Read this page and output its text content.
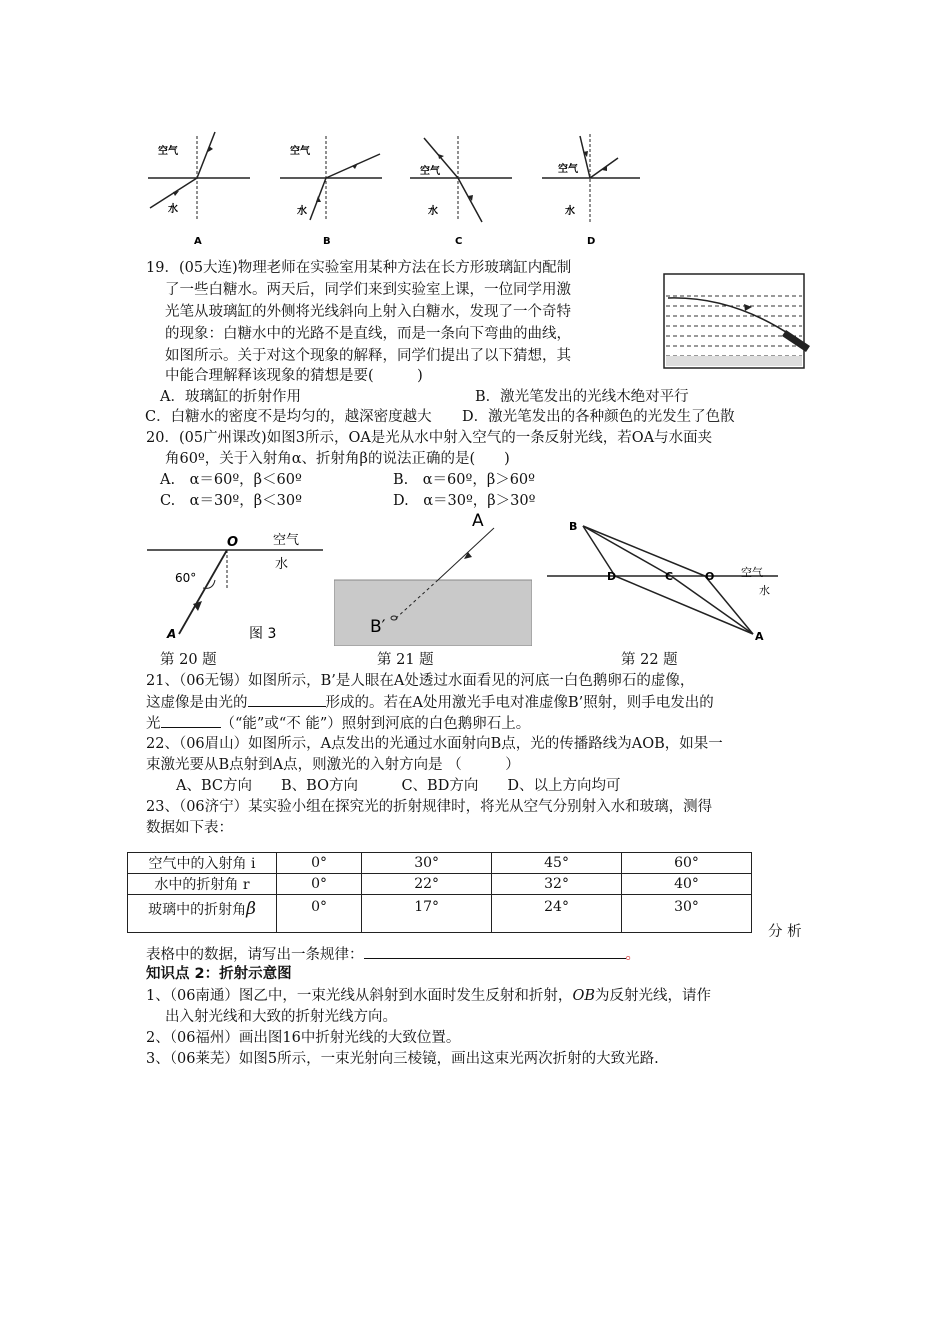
空气
水
A
空气
水
B
空气
水
C
空气
水
D
19．(05大连)物理老师在实验室用某种方法在长方形玻璃缸内配制
了一些白糖水。两天后，同学们来到实验室上课，一位同学用激
光笔从玻璃缸的外侧将光线斜向上射入白糖水，发现了一个奇特
的现象：白糖水中的光路不是直线，而是一条向下弯曲的曲线，
如图所示。关于对这个现象的解释，同学们提出了以下猜想，其
中能合理解释该现象的猜想是要(　　　)
A．玻璃缸的折射作用	B．激光笔发出的光线木绝对平行
C．白糖水的密度不是均匀的，越深密度越大 D．激光笔发出的各种颜色的光发生了色散
20．(05广州课改)如图3所示，OA是光从水中射入空气的一条反射光线，若OA与水面夹
角60º，关于入射角α、折射角β的说法正确的是(　　)
A.　α＝60º，β＜60º	B.　α＝60º，β＞60º
C.　α＝30º，β＜30º	D.　α＝30º，β＞30º
O	空气
水
60°
A	图 3
A
B′
B
D	C	O 空气
水
A
第 20 题	第 21 题	第 22 题
21、（06无锡）如图所示，B’是人眼在A处透过水面看见的河底一白色鹅卵石的虚像，
这虚像是由光的	形成的。若在A处用激光手电对准虚像B’照射，则手电发出的
光	（“能”或“不 能”）照射到河底的白色鹅卵石上。
22、（06眉山）如图所示，A点发出的光通过水面射向B点，光的传播路线为AOB，如果一
束激光要从B点射到A点，则激光的入射方向是 （　　　）
A、BC方向　　B、BO方向　　　C、BD方向　　D、以上方向均可
23、（06济宁）某实验小组在探究光的折射规律时，将光从空气分别射入水和玻璃，测得
数据如下表：
空气中的入射角 i	0°	30°	45°	60°
水中的折射角 r	0°	22°	32°	40°
玻璃中的折射角β	0°	17°	24°	30°
分 析
表格中的数据，请写出一条规律：	。
知识点 2：折射示意图
1、（06南通）图乙中，一束光线从斜射到水面时发生反射和折射，OB为反射光线，请作
出入射光线和大致的折射光线方向。
2、（06福州）画出图16中折射光线的大致位置。
3、（06莱芜）如图5所示，一束光射向三棱镜，画出这束光两次折射的大致光路.
